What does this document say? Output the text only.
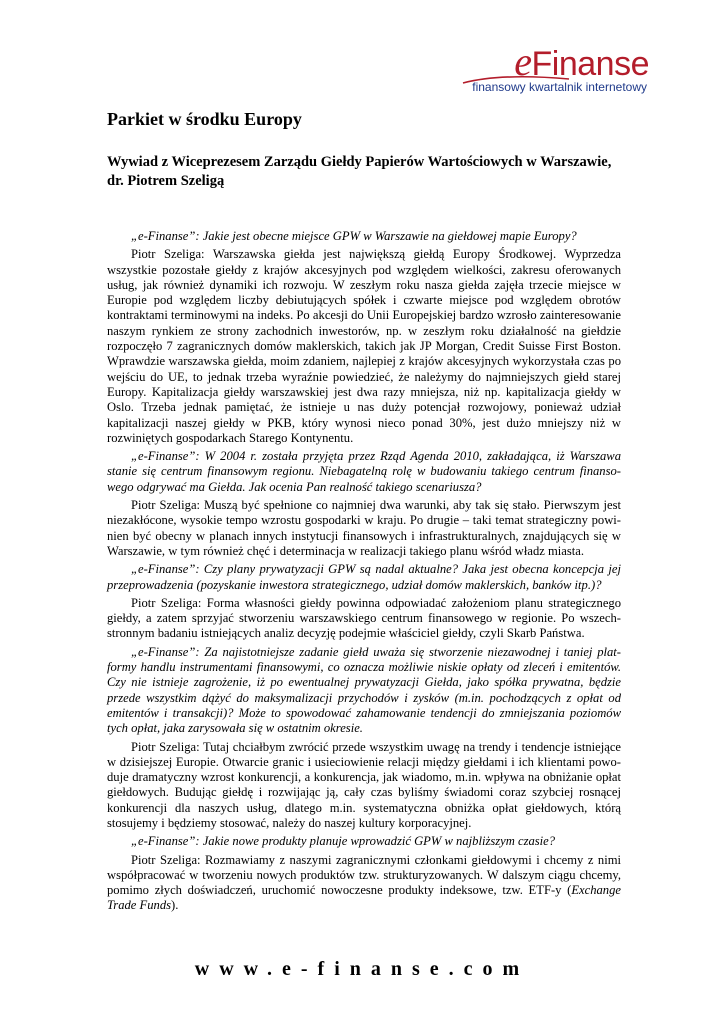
eFinanse
finansowy kwartalnik internetowy
Parkiet w środku Europy

Wywiad z Wiceprezesem Zarządu Giełdy Papierów Wartościowych w Warszawie, dr. Piotrem Szeligą

„e-Finanse”: Jakie jest obecne miejsce GPW w Warszawie na giełdowej mapie Europy?

Piotr Szeliga: Warszawska giełda jest największą giełdą Europy Środkowej. Wyprzedza wszystkie pozostałe giełdy z krajów akcesyjnych pod względem wielkości, zakresu oferowanych usług, jak również dynamiki ich rozwoju. W zeszłym roku nasza giełda zajęła trzecie miejsce w Europie pod względem liczby debiutujących spółek i czwarte miejsce pod względem obrotów kontraktami terminowymi na indeks. Po akcesji do Unii Europejskiej bardzo wzrosło zainteresowanie naszym rynkiem ze strony zachodnich inwestorów, np. w zeszłym roku działalność na giełdzie rozpoczęło 7 zagranicznych domów maklerskich, takich jak JP Morgan, Credit Suisse First Boston. Wprawdzie warszawska giełda, moim zdaniem, najlepiej z krajów akcesyjnych wykorzystała czas po wejściu do UE, to jednak trzeba wyraźnie powiedzieć, że należymy do najmniejszych giełd starej Europy. Kapitalizacja giełdy warszawskiej jest dwa razy mniejsza, niż np. kapitalizacja giełdy w Oslo. Trzeba jednak pamiętać, że istnieje u nas duży potencjał rozwojowy, ponieważ udział kapitalizacji naszej giełdy w PKB, który wynosi nieco ponad 30%, jest dużo mniejszy niż w rozwiniętych gospodarkach Starego Kontynentu.

„e-Finanse”: W 2004 r. została przyjęta przez Rząd Agenda 2010, zakładająca, iż Warszawa stanie się centrum finansowym regionu. Niebagatelną rolę w budowaniu takiego centrum finansowego odgrywać ma Giełda. Jak ocenia Pan realność takiego scenariusza?

Piotr Szeliga: Muszą być spełnione co najmniej dwa warunki, aby tak się stało. Pierwszym jest niezakłócone, wysokie tempo wzrostu gospodarki w kraju. Po drugie – taki temat strategiczny powinien być obecny w planach innych instytucji finansowych i infrastrukturalnych, znajdujących się w Warszawie, w tym również chęć i determinacja w realizacji takiego planu wśród władz miasta.

„e-Finanse”: Czy plany prywatyzacji GPW są nadal aktualne? Jaka jest obecna koncepcja jej przeprowadzenia (pozyskanie inwestora strategicznego, udział domów maklerskich, banków itp.)?

Piotr Szeliga: Forma własności giełdy powinna odpowiadać założeniom planu strategicznego giełdy, a zatem sprzyjać stworzeniu warszawskiego centrum finansowego w regionie. Po wszechstronnym badaniu istniejących analiz decyzję podejmie właściciel giełdy, czyli Skarb Państwa.

„e-Finanse”: Za najistotniejsze zadanie giełd uważa się stworzenie niezawodnej i taniej platformy handlu instrumentami finansowymi, co oznacza możliwie niskie opłaty od zleceń i emitentów. Czy nie istnieje zagrożenie, iż po ewentualnej prywatyzacji Giełda, jako spółka prywatna, będzie przede wszystkim dążyć do maksymalizacji przychodów i zysków (m.in. pochodzących z opłat od emitentów i transakcji)? Może to spowodować zahamowanie tendencji do zmniejszania poziomów tych opłat, jaka zarysowała się w ostatnim okresie.

Piotr Szeliga: Tutaj chciałbym zwrócić przede wszystkim uwagę na trendy i tendencje istniejące w dzisiejszej Europie. Otwarcie granic i usieciowienie relacji między giełdami i ich klientami powoduje dramatyczny wzrost konkurencji, a konkurencja, jak wiadomo, m.in. wpływa na obniżanie opłat giełdowych. Budując giełdę i rozwijając ją, cały czas byliśmy świadomi coraz szybciej rosnącej konkurencji dla naszych usług, dlatego m.in. systematyczna obniżka opłat giełdowych, którą stosujemy i będziemy stosować, należy do naszej kultury korporacyjnej.

„e-Finanse”: Jakie nowe produkty planuje wprowadzić GPW w najbliższym czasie?

Piotr Szeliga: Rozmawiamy z naszymi zagranicznymi członkami giełdowymi i chcemy z nimi współpracować w tworzeniu nowych produktów tzw. strukturyzowanych. W dalszym ciągu chcemy, pomimo złych doświadczeń, uruchomić nowoczesne produkty indeksowe, tzw. ETF-y (Exchange Trade Funds).

www.e-finanse.com
